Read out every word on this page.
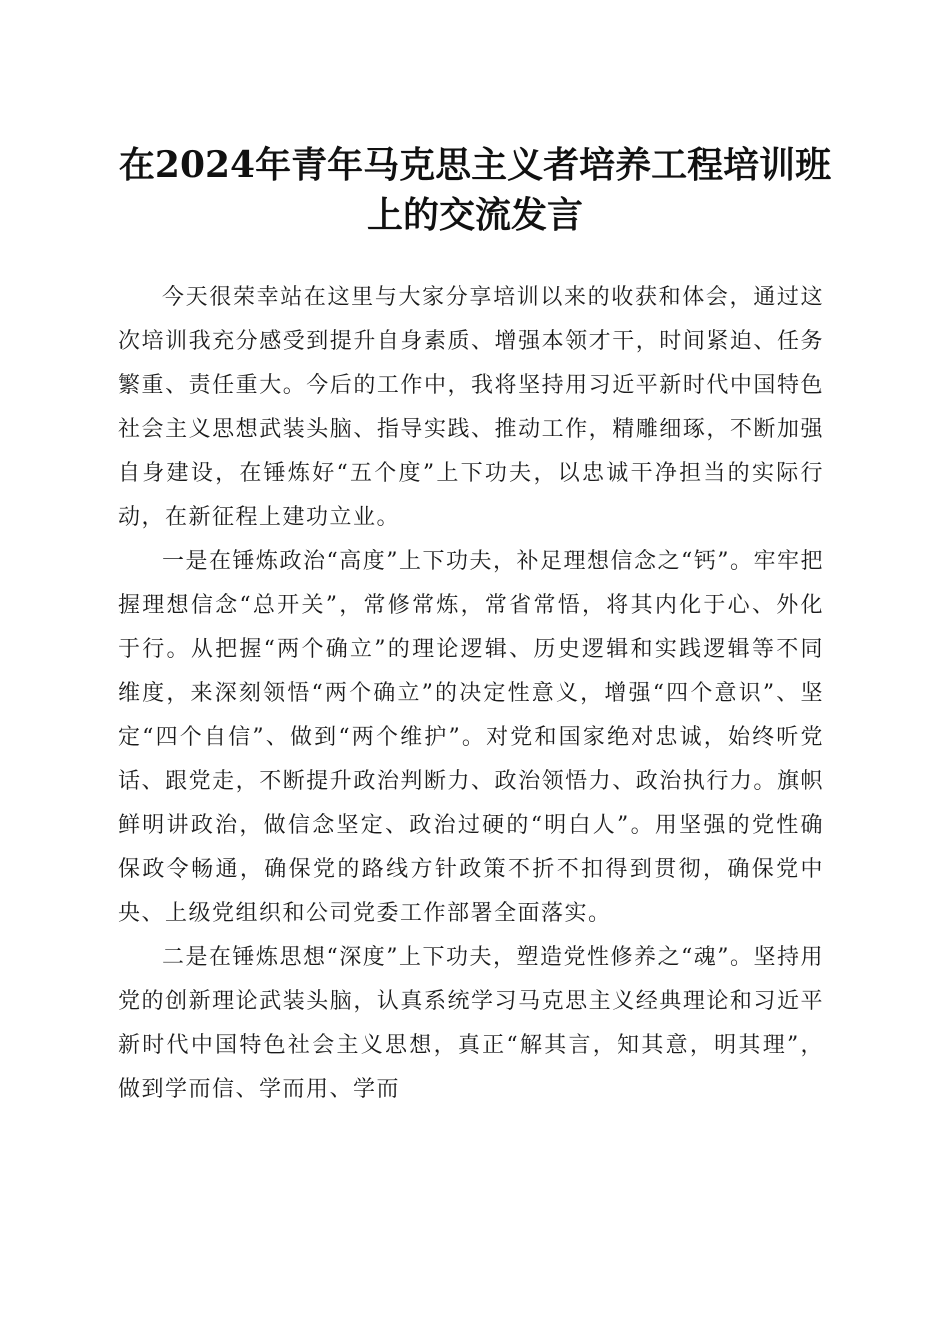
在2024年青年马克思主义者培养工程培训班
上的交流发言

今天很荣幸站在这里与大家分享培训以来的收获和体会，通过这次培训我充分感受到提升自身素质、增强本领才干，时间紧迫、任务繁重、责任重大。今后的工作中，我将坚持用习近平新时代中国特色社会主义思想武装头脑、指导实践、推动工作，精雕细琢，不断加强自身建设，在锤炼好“五个度”上下功夫，以忠诚干净担当的实际行动，在新征程上建功立业。

一是在锤炼政治“高度”上下功夫，补足理想信念之“钙”。牢牢把握理想信念“总开关”，常修常炼，常省常悟，将其内化于心、外化于行。从把握“两个确立”的理论逻辑、历史逻辑和实践逻辑等不同维度，来深刻领悟“两个确立”的决定性意义，增强“四个意识”、坚定“四个自信”、做到“两个维护”。对党和国家绝对忠诚，始终听党话、跟党走，不断提升政治判断力、政治领悟力、政治执行力。旗帜鲜明讲政治，做信念坚定、政治过硬的“明白人”。用坚强的党性确保政令畅通，确保党的路线方针政策不折不扣得到贯彻，确保党中央、上级党组织和公司党委工作部署全面落实。

二是在锤炼思想“深度”上下功夫，塑造党性修养之“魂”。坚持用党的创新理论武装头脑，认真系统学习马克思主义经典理论和习近平新时代中国特色社会主义思想，真正“解其言，知其意，明其理”，做到学而信、学而用、学而
